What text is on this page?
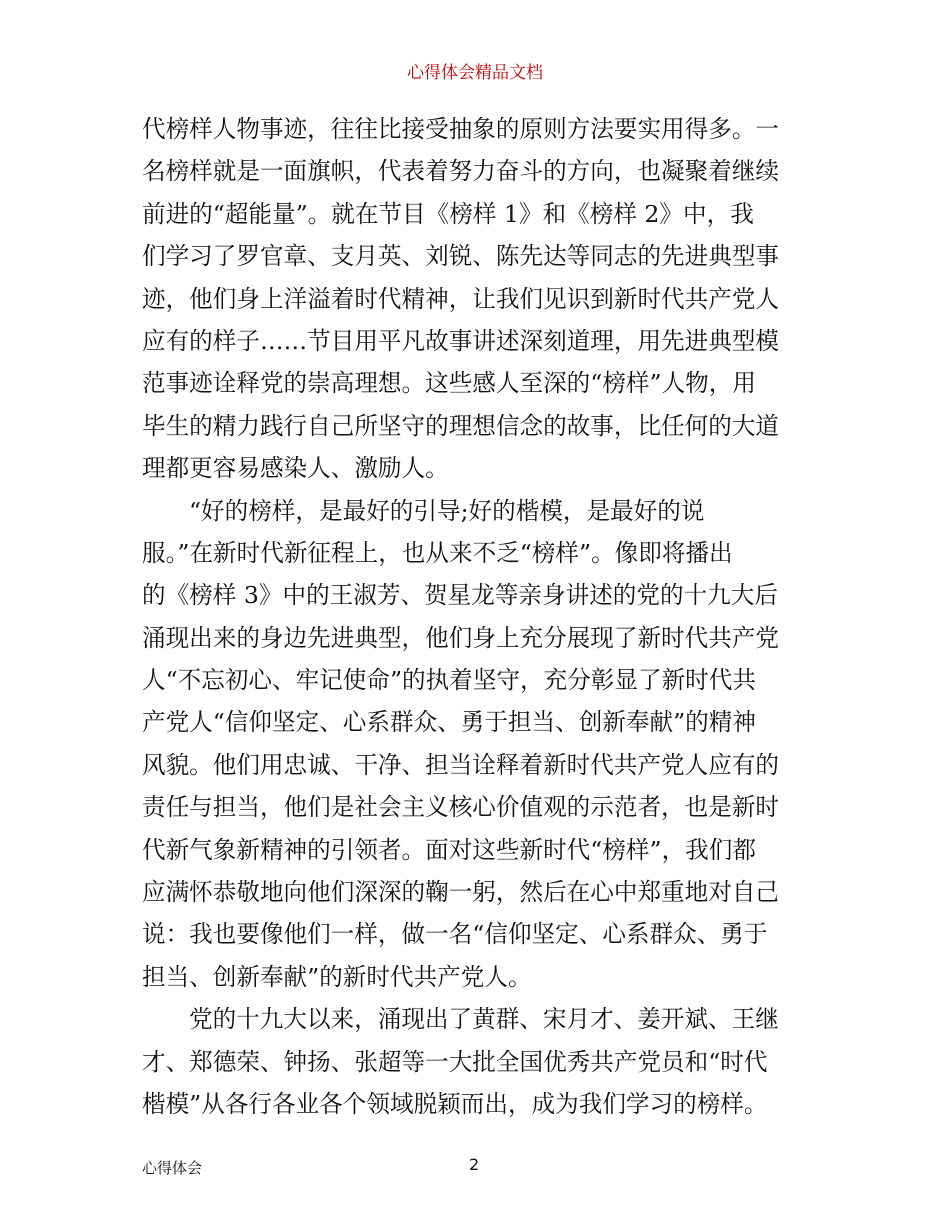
心得体会精品文档
代榜样人物事迹，往往比接受抽象的原则方法要实用得多。一
名榜样就是一面旗帜，代表着努力奋斗的方向，也凝聚着继续
前进的“超能量”。就在节目《榜样 1》和《榜样 2》中，我
们学习了罗官章、支月英、刘锐、陈先达等同志的先进典型事
迹，他们身上洋溢着时代精神，让我们见识到新时代共产党人
应有的样子……节目用平凡故事讲述深刻道理，用先进典型模
范事迹诠释党的崇高理想。这些感人至深的“榜样”人物，用
毕生的精力践行自己所坚守的理想信念的故事，比任何的大道
理都更容易感染人、激励人。
“好的榜样，是最好的引导;好的楷模，是最好的说
服。”在新时代新征程上，也从来不乏“榜样”。像即将播出
的《榜样 3》中的王淑芳、贺星龙等亲身讲述的党的十九大后
涌现出来的身边先进典型，他们身上充分展现了新时代共产党
人“不忘初心、牢记使命”的执着坚守，充分彰显了新时代共
产党人“信仰坚定、心系群众、勇于担当、创新奉献”的精神
风貌。他们用忠诚、干净、担当诠释着新时代共产党人应有的
责任与担当，他们是社会主义核心价值观的示范者，也是新时
代新气象新精神的引领者。面对这些新时代“榜样”，我们都
应满怀恭敬地向他们深深的鞠一躬，然后在心中郑重地对自己
说：我也要像他们一样，做一名“信仰坚定、心系群众、勇于
担当、创新奉献”的新时代共产党人。
党的十九大以来，涌现出了黄群、宋月才、姜开斌、王继
才、郑德荣、钟扬、张超等一大批全国优秀共产党员和“时代
楷模”从各行各业各个领域脱颖而出，成为我们学习的榜样。
心得体会	2
